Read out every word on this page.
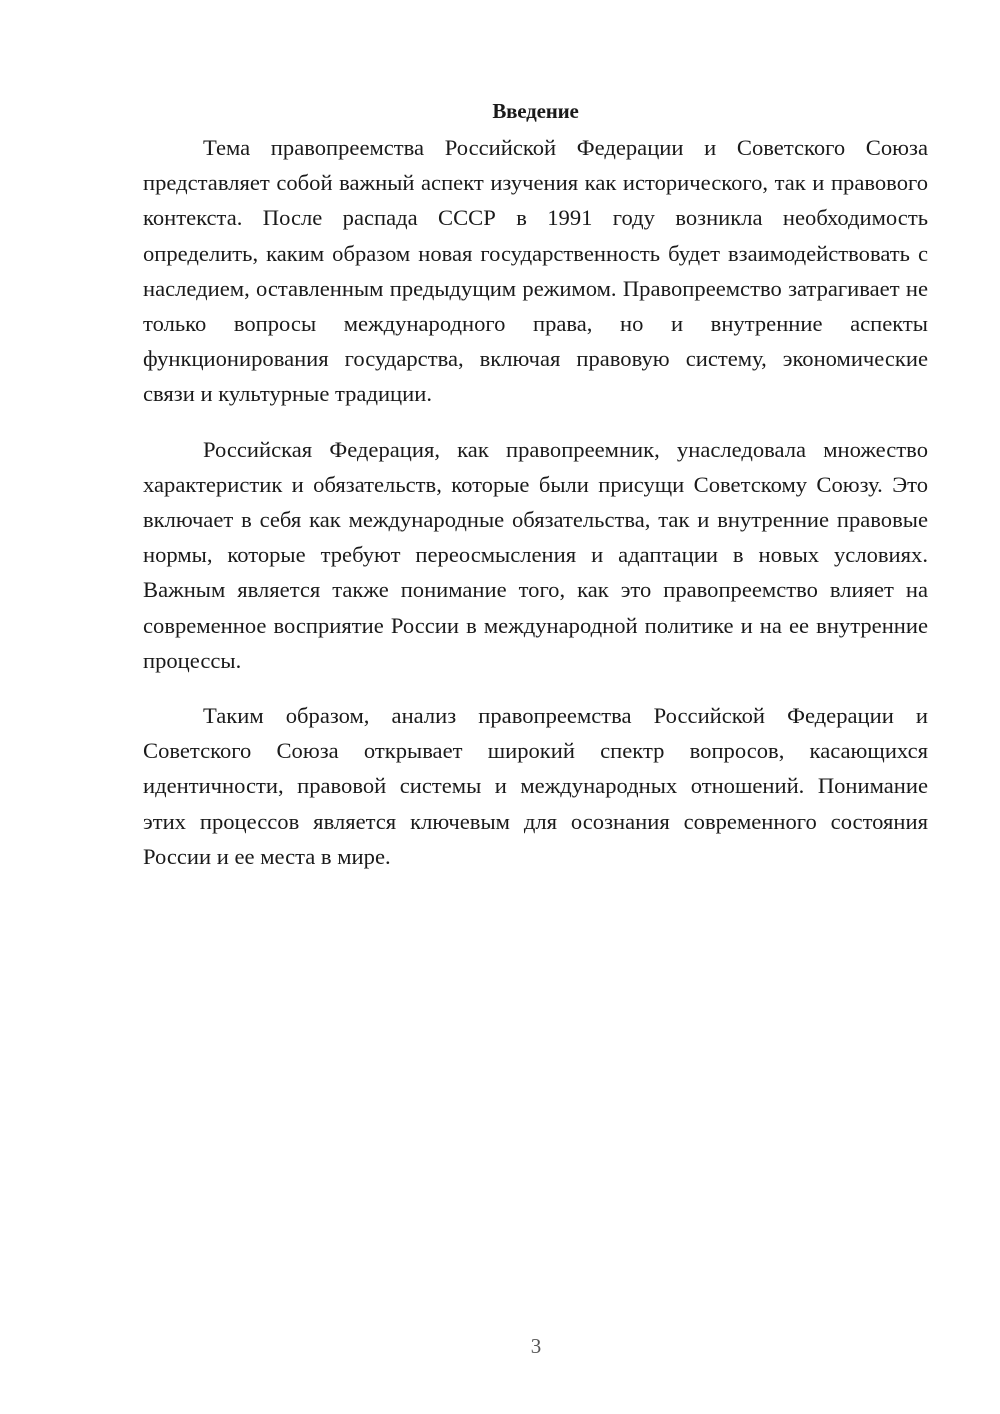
Введение

Тема правопреемства Российской Федерации и Советского Союза представляет собой важный аспект изучения как исторического, так и правового контекста. После распада СССР в 1991 году возникла необходимость определить, каким образом новая государственность будет взаимодействовать с наследием, оставленным предыдущим режимом. Правопреемство затрагивает не только вопросы международного права, но и внутренние аспекты функционирования государства, включая правовую систему, экономические связи и культурные традиции.

Российская Федерация, как правопреемник, унаследовала множество характеристик и обязательств, которые были присущи Советскому Союзу. Это включает в себя как международные обязательства, так и внутренние правовые нормы, которые требуют переосмысления и адаптации в новых условиях. Важным является также понимание того, как это правопреемство влияет на современное восприятие России в международной политике и на ее внутренние процессы.

Таким образом, анализ правопреемства Российской Федерации и Советского Союза открывает широкий спектр вопросов, касающихся идентичности, правовой системы и международных отношений. Понимание этих процессов является ключевым для осознания современного состояния России и ее места в мире.

3
